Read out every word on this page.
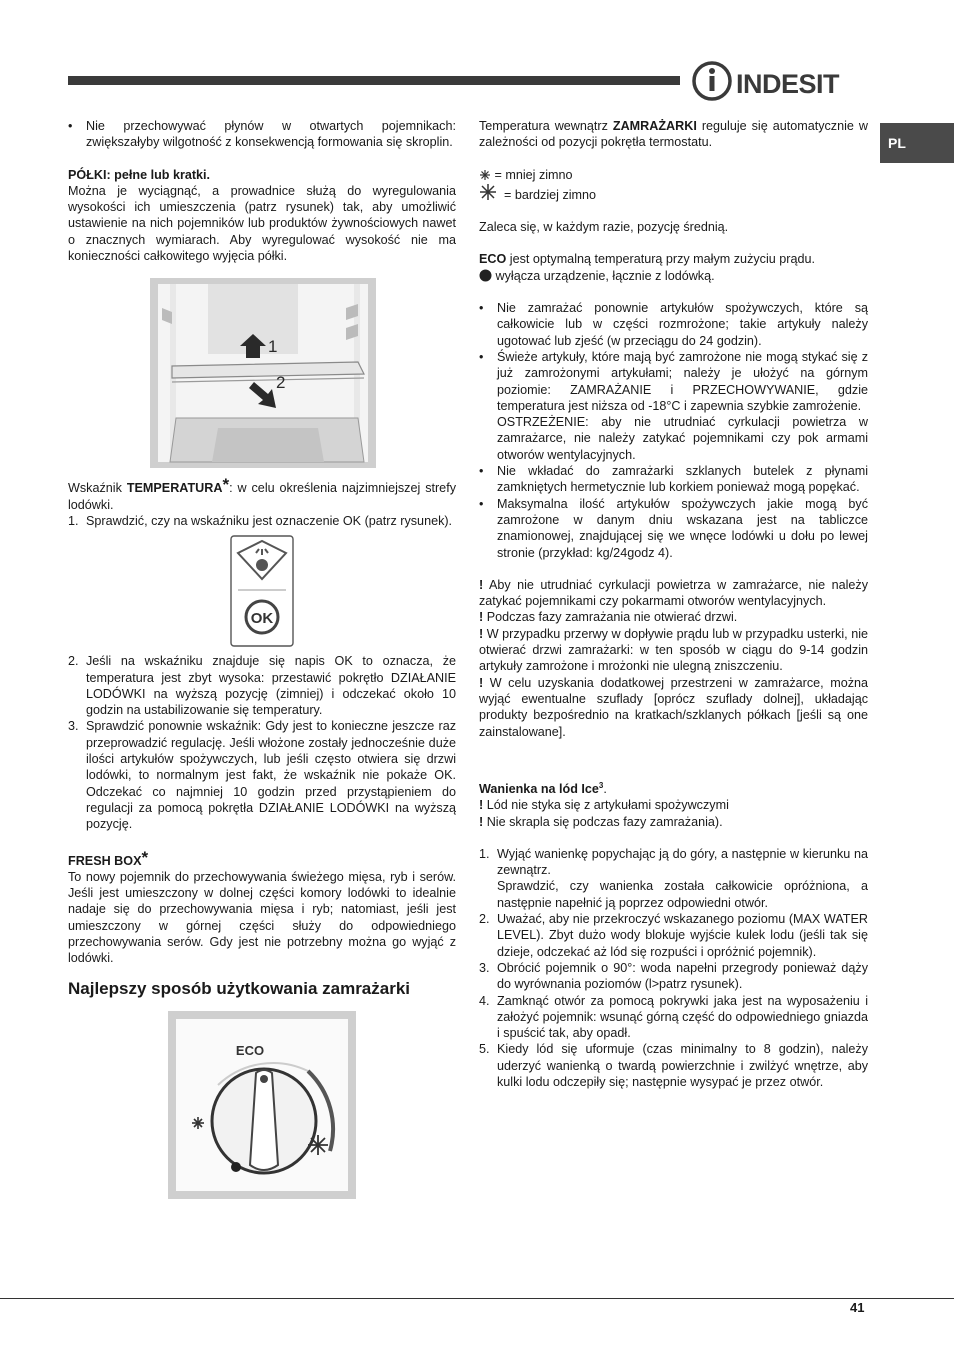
INDESIT
PL

• Nie przechowywać płynów w otwartych pojemnikach: zwiększałyby wilgotność z konsekwencją formowania się skroplin.

PÓŁKI: pełne lub kratki.

Można je wyciągnąć, a prowadnice służą do wyregulowania wysokości ich umieszczenia (patrz rysunek) tak, aby umożliwić ustawienie na nich pojemników lub produktów żywnościowych nawet o znacznych wymiarach. Aby wyregulować wysokość nie ma konieczności całkowitego wyjęcia półki.

1
2

Wskaźnik TEMPERATURA*: w celu określenia najzimniejszej strefy lodówki.

1. Sprawdzić, czy na wskaźniku jest oznaczenie OK (patrz rysunek).

OK

2. Jeśli na wskaźniku znajduje się napis OK to oznacza, że temperatura jest zbyt wysoka: przestawić pokrętło DZIAŁANIE LODÓWKI na wyższą pozycję (zimniej) i odczekać około 10 godzin na ustabilizowanie się temperatury.

3. Sprawdzić ponownie wskaźnik: Gdy jest to konieczne jeszcze raz przeprowadzić regulację. Jeśli włożone zostały jednocześnie duże ilości artykułów spożywczych, lub jeśli często otwiera się drzwi lodówki, to normalnym jest fakt, że wskaźnik nie pokaże OK. Odczekać co najmniej 10 godzin przed przystąpieniem do regulacji za pomocą pokrętła DZIAŁANIE LODÓWKI na wyższą pozycję.

FRESH BOX*

To nowy pojemnik do przechowywania świeżego mięsa, ryb i serów. Jeśli jest umieszczony w dolnej części komory lodówki to idealnie nadaje się do przechowywania mięsa i ryb; natomiast, jeśli jest umieszczony w górnej części służy do odpowiedniego przechowywania serów. Gdy jest nie potrzebny można go wyjąć z lodówki.

Najlepszy sposób użytkowania zamrażarki
ECO

Temperatura wewnątrz ZAMRAŻARKI reguluje się automatycznie w zależności od pozycji pokrętła termostatu.

= mniej zimno

= bardziej zimno

Zaleca się, w każdym razie, pozycję średnią.

ECO jest optymalną temperaturą przy małym zużyciu prądu.

wyłącza urządzenie, łącznie z lodówką.

• Nie zamrażać ponownie artykułów spożywczych, które są całkowicie lub w części rozmrożone; takie artykuły należy ugotować lub zjeść (w przeciągu do 24 godzin).

• Świeże artykuły, które mają być zamrożone nie mogą stykać się z już zamrożonymi artykułami; należy je ułożyć na górnym poziomie: ZAMRAŻANIE i PRZECHOWYWANIE, gdzie temperatura jest niższa od -18°C i zapewnia szybkie zamrożenie.

OSTRZEŻENIE: aby nie utrudniać cyrkulacji powietrza w zamrażarce, nie należy zatykać pojemnikami czy pok armami otworów wentylacyjnych.

• Nie wkładać do zamrażarki szklanych butelek z płynami zamkniętych hermetycznie lub korkiem ponieważ mogą popękać.

• Maksymalna ilość artykułów spożywczych jakie mogą być zamrożone w danym dniu wskazana jest na tabliczce znamionowej, znajdującej się we wnęce lodówki u dołu po lewej stronie (przykład: kg/24godz 4).

! Aby nie utrudniać cyrkulacji powietrza w zamrażarce, nie należy zatykać pojemnikami czy pokarmami otworów wentylacyjnych.

! Podczas fazy zamrażania nie otwierać drzwi.

! W przypadku przerwy w dopływie prądu lub w przypadku usterki, nie otwierać drzwi zamrażarki: w ten sposób w ciągu do 9-14 godzin artykuły zamrożone i mrożonki nie ulegną zniszczeniu.

! W celu uzyskania dodatkowej przestrzeni w zamrażarce, można wyjąć ewentualne szuflady [oprócz szuflady dolnej], układając produkty bezpośrednio na kratkach/szklanych półkach [jeśli są one zainstalowane].

Wanienka na lód Ice$^3$.

! Lód nie styka się z artykułami spożywczymi

! Nie skrapla się podczas fazy zamrażania).

1. Wyjąć wanienkę popychając ją do góry, a następnie w kierunku na zewnątrz.

Sprawdzić, czy wanienka została całkowicie opróżniona, a następnie napełnić ją poprzez odpowiedni otwór.

2. Uważać, aby nie przekroczyć wskazanego poziomu (MAX WATER LEVEL). Zbyt dużo wody blokuje wyjście kulek lodu (jeśli tak się dzieje, odczekać aż lód się rozpuści i opróżnić pojemnik).

3. Obrócić pojemnik o 90°: woda napełni przegrody ponieważ dąży do wyrównania poziomów (l>patrz rysunek).

4. Zamknąć otwór za pomocą pokrywki jaka jest na wyposażeniu i założyć pojemnik: wsunąć górną część do odpowiedniego gniazda i spuścić tak, aby opadł.

5. Kiedy lód się uformuje (czas minimalny to 8 godzin), należy uderzyć wanienką o twardą powierzchnie i zwilżyć wnętrze, aby kulki lodu odczepiły się; następnie wysypać je przez otwór.

41
